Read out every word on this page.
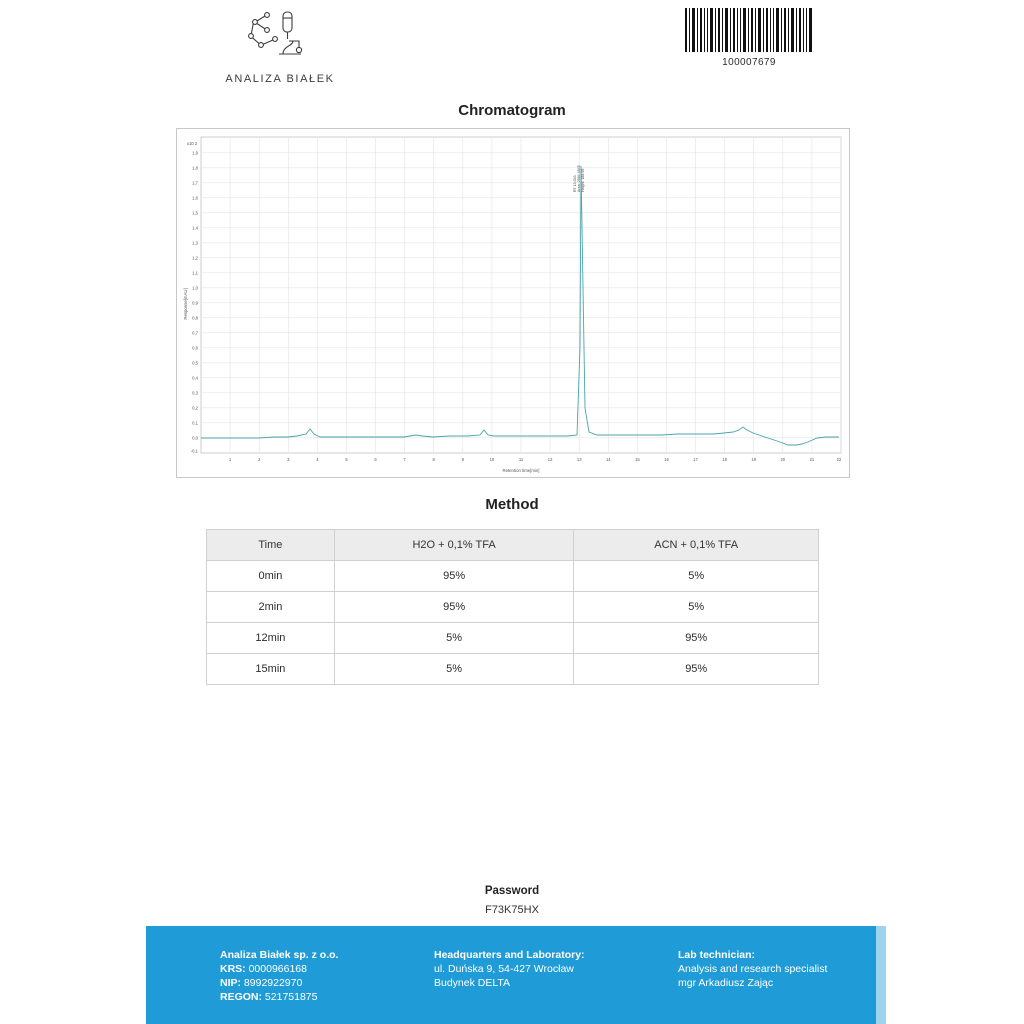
ANALIZA BIAŁEK
100007679
Chromatogram
1,9
1,8
1,7
1,6
1,5
1,4
1,3
1,2
1,1
1,0
0,9
0,8
0,7
0,6
0,5
0,4
0,3
0,2
0,1
0,0
-0,1
x10 2
Response[mAU]
1	2	3	4	5	6	7	8	9	10	11	12	13	14	15	16	17	18	19	20	21	22
Retention time[min]
RT 13.043 Area: 2584.4845 Height: 185.55
Method
Time	H2O + 0,1% TFA	ACN + 0,1% TFA
0min	95%	5%
2min	95%	5%
12min	5%	95%
15min	5%	95%
Password
F73K75HX
Analiza Białek sp. z o.o.
KRS: 0000966168
NIP: 8992922970
REGON: 521751875
Headquarters and Laboratory:
ul. Duńska 9, 54-427 Wrocław
Budynek DELTA
Lab technician:
Analysis and research specialist
mgr Arkadiusz Zając
